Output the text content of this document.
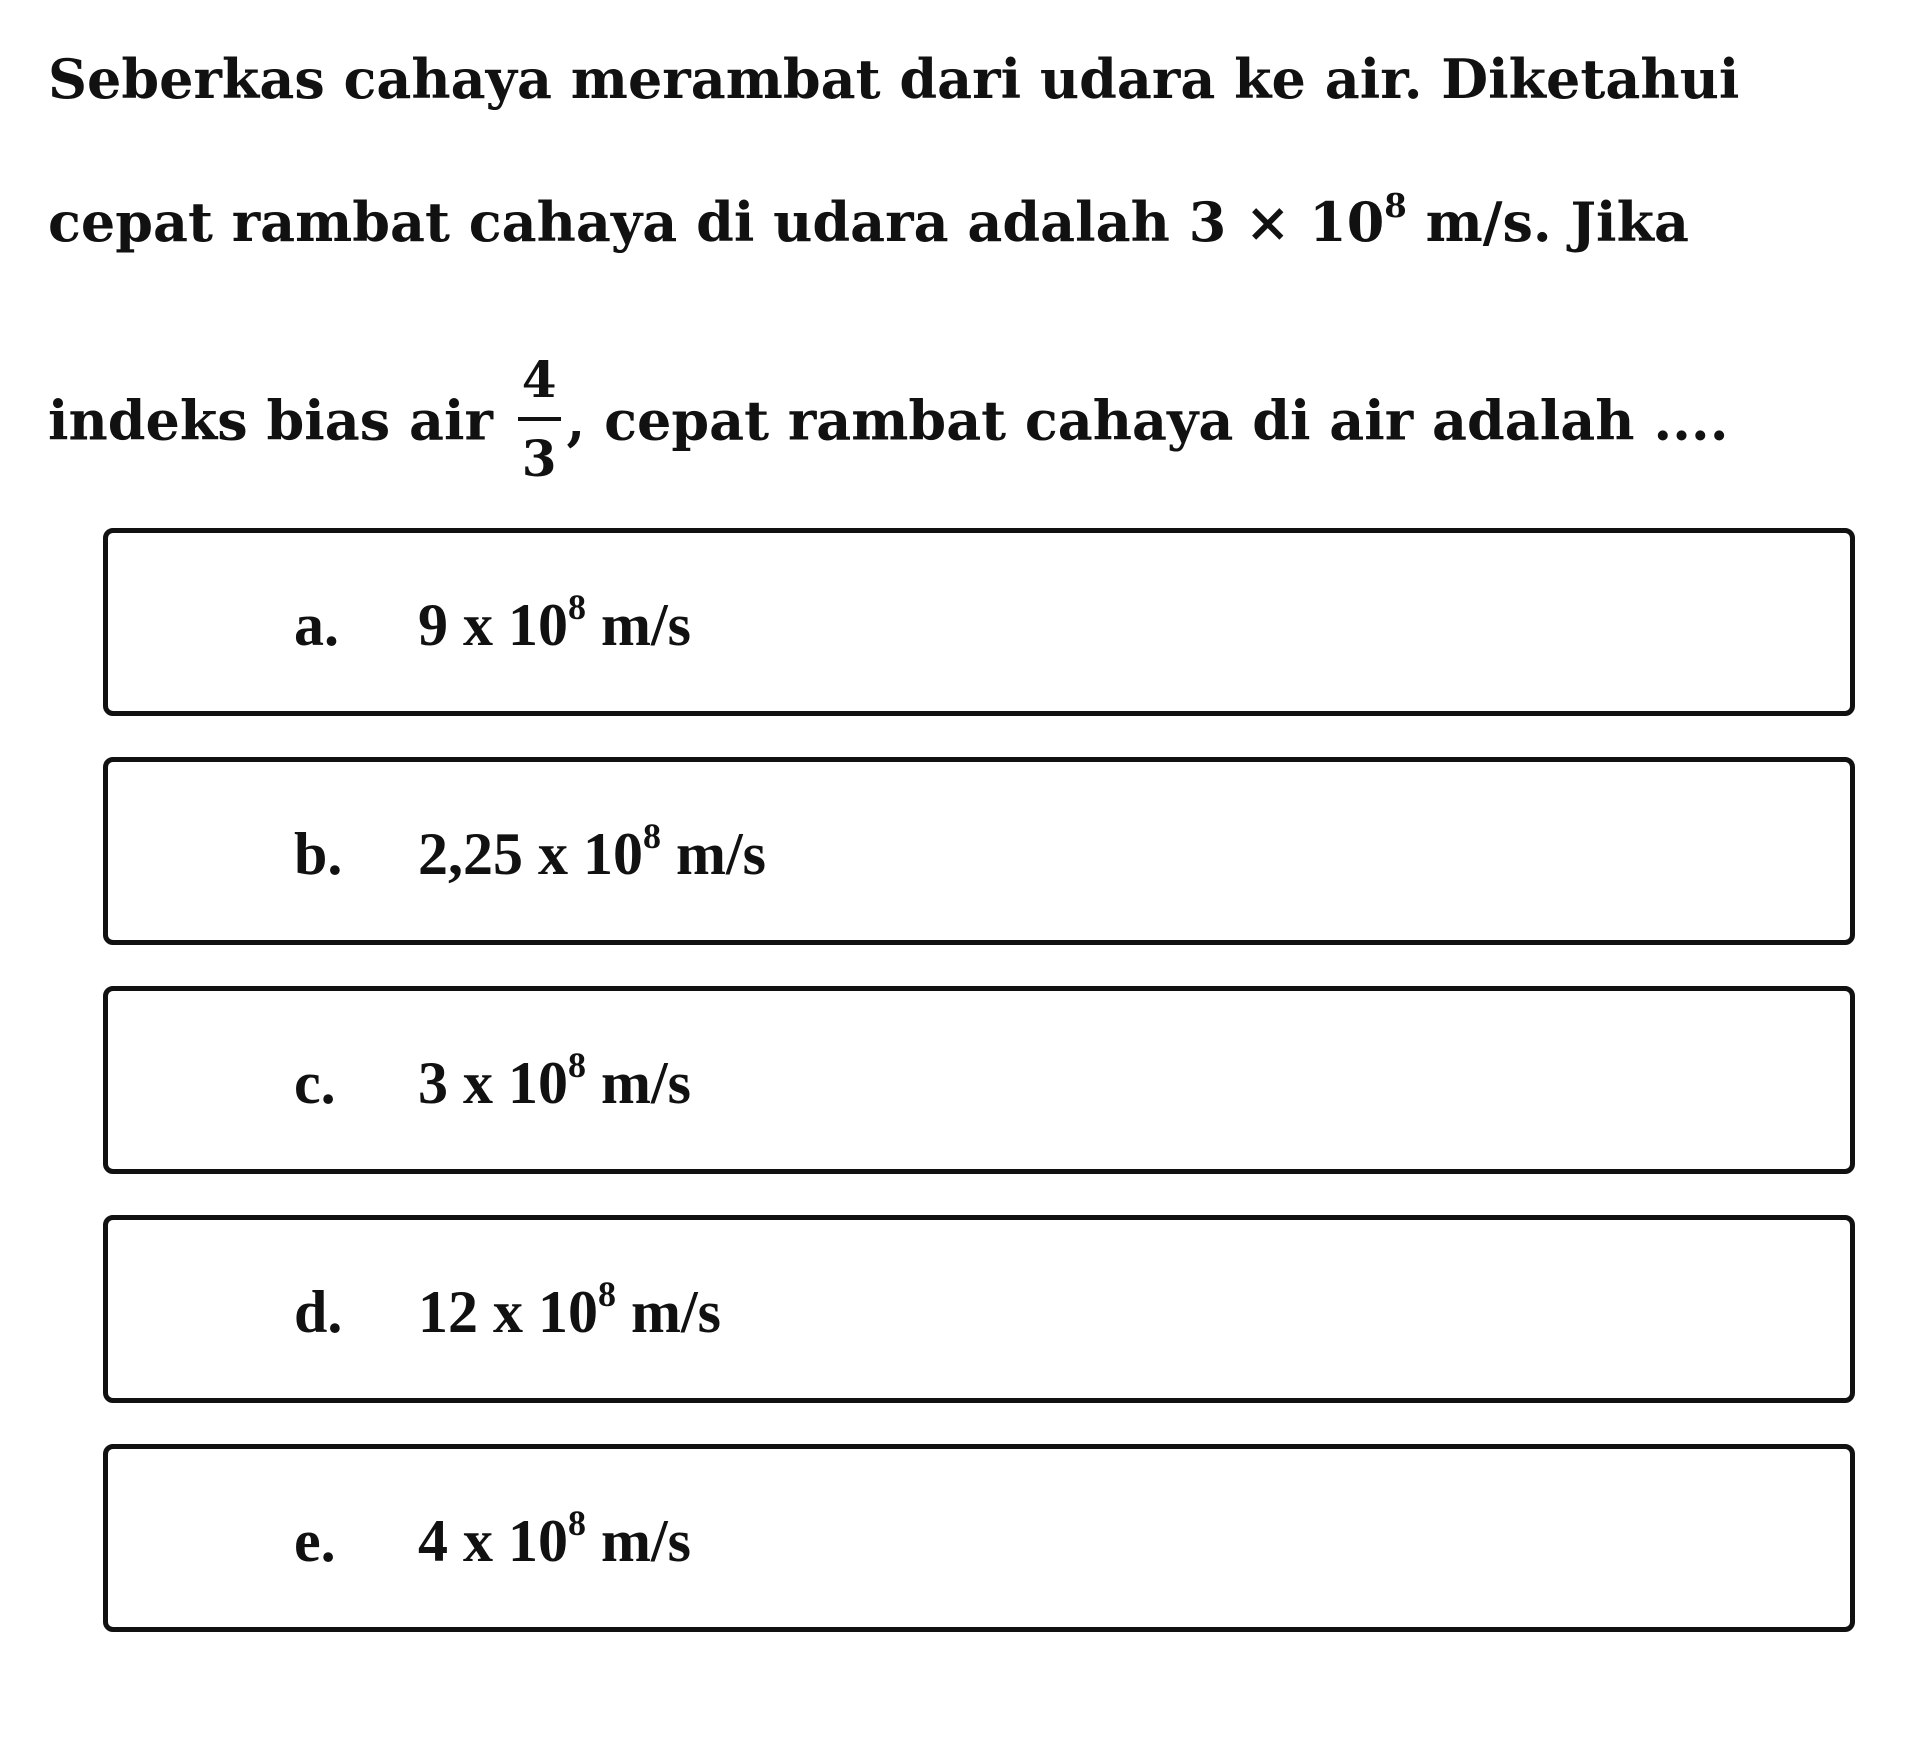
Seberkas cahaya merambat dari udara ke air. Diketahui
cepat rambat cahaya di udara adalah $3 \times 10^8$ m/s. Jika
indeks bias air $\frac{4}{3}$ , cepat rambat cahaya di air adalah ....
a. 9 x $10^8$ m/s
b. 2,25 x $10^8$ m/s
c. 3 x $10^8$ m/s
d. 12 x $10^8$ m/s
e. 4 x $10^8$ m/s
